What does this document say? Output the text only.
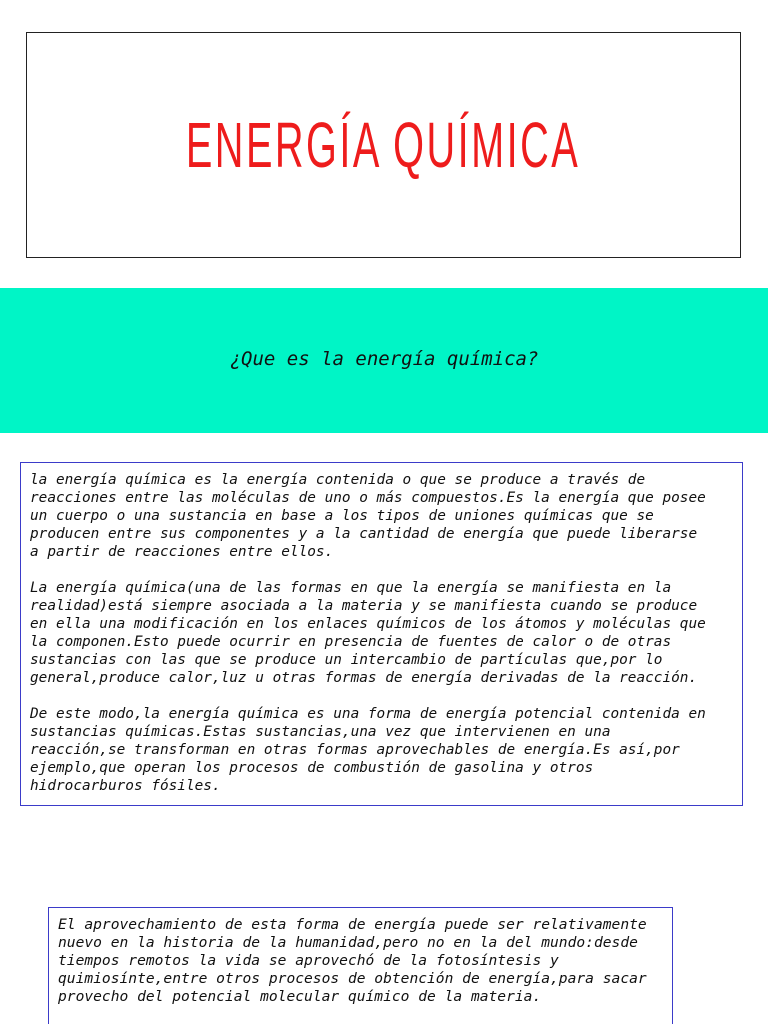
ENERGÍA QUÍMICA
¿Que es la energía química?

la energía química es la energía contenida o que se produce a través de
reacciones entre las moléculas de uno o más compuestos.Es la energía que posee
un cuerpo o una sustancia en base a los tipos de uniones químicas que se
producen entre sus componentes y a la cantidad de energía que puede liberarse
a partir de reacciones entre ellos.

La energía química(una de las formas en que la energía se manifiesta en la
realidad)está siempre asociada a la materia y se manifiesta cuando se produce
en ella una modificación en los enlaces químicos de los átomos y moléculas que
la componen.Esto puede ocurrir en presencia de fuentes de calor o de otras
sustancias con las que se produce un intercambio de partículas que,por lo
general,produce calor,luz u otras formas de energía derivadas de la reacción.

De este modo,la energía química es una forma de energía potencial contenida en
sustancias químicas.Estas sustancias,una vez que intervienen en una
reacción,se transforman en otras formas aprovechables de energía.Es así,por
ejemplo,que operan los procesos de combustión de gasolina y otros
hidrocarburos fósiles.

El aprovechamiento de esta forma de energía puede ser relativamente
nuevo en la historia de la humanidad,pero no en la del mundo:desde
tiempos remotos la vida se aprovechó de la fotosíntesis y
quimiosínte,entre otros procesos de obtención de energía,para sacar
provecho del potencial molecular químico de la materia.
